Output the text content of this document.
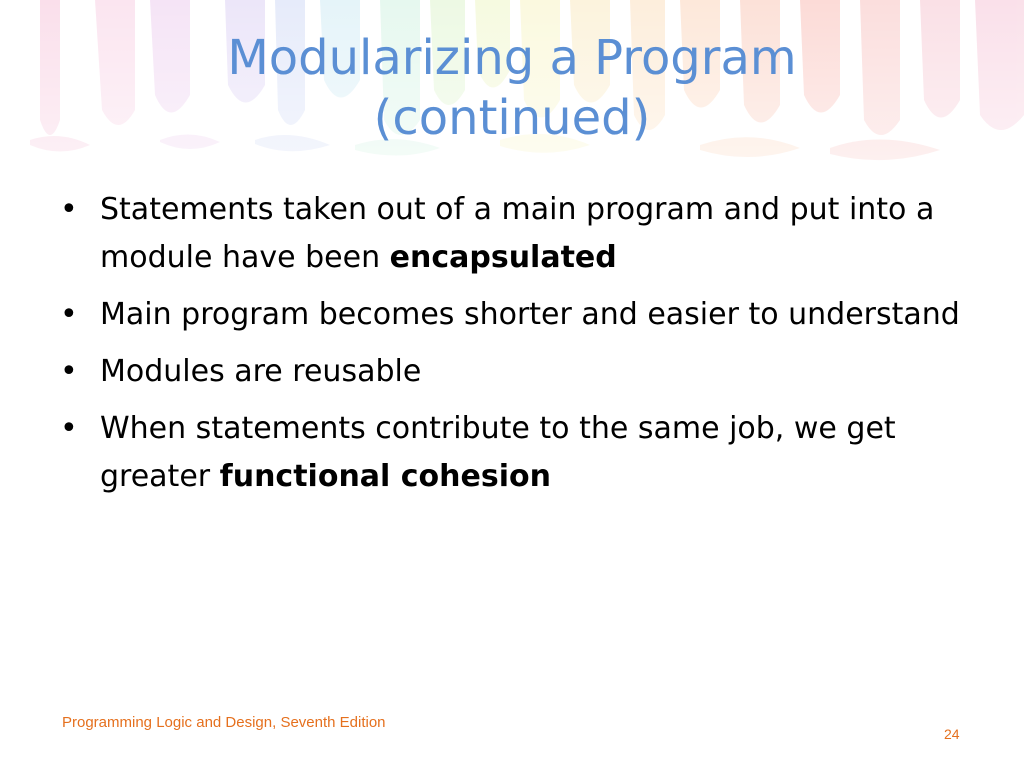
Modularizing a Program
(continued)
• Statements taken out of a main program and put into a module have been encapsulated
• Main program becomes shorter and easier to understand
• Modules are reusable
• When statements contribute to the same job, we get greater functional cohesion
Programming Logic and Design, Seventh Edition
24
